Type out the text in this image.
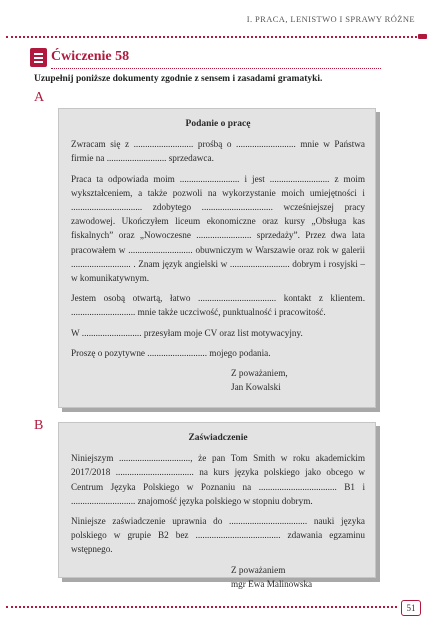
I. PRACA, LENISTWO I SPRAWY RÓŻNE
Ćwiczenie 58
Uzupełnij poniższe dokumenty zgodnie z sensem i zasadami gramatyki.
A
Podanie o pracę

Zwracam się z .......................... prośbą o .......................... mnie w Państwa firmie na .......................... sprzedawca.

Praca ta odpowiada moim .......................... i jest .......................... z moim wykształceniem, a także pozwoli na wykorzystanie moich umiejętności i ............................... zdobytego ............................... wcześniejszej pracy zawodowej. Ukończyłem liceum ekonomiczne oraz kursy „Obsługa kas fiskalnych” oraz „Nowoczesne ........................ sprzedaży”. Przez dwa lata pracowałem w ............................ obuwniczym w Warszawie oraz rok w galerii .......................... . Znam język angielski w .......................... dobrym i rosyjski – w komunikatywnym.

Jestem osobą otwartą, łatwo .................................. kontakt z klientem. ............................ mnie także uczciwość, punktualność i pracowitość.

W .......................... przesyłam moje CV oraz list motywacyjny.

Proszę o pozytywne .......................... mojego podania.

Z poważaniem,
Jan Kowalski
B
Zaświadczenie

Niniejszym ..............................., że pan Tom Smith w roku akademickim 2017/2018 .................................. na kurs języka polskiego jako obcego w Centrum Języka Polskiego w Poznaniu na .................................. B1 i ............................ znajomość języka polskiego w stopniu dobrym.

Niniejsze zaświadczenie uprawnia do .................................. nauki języka polskiego w grupie B2 bez ..................................... zdawania egzaminu wstępnego.

Z poważaniem
mgr Ewa Malinowska
51
